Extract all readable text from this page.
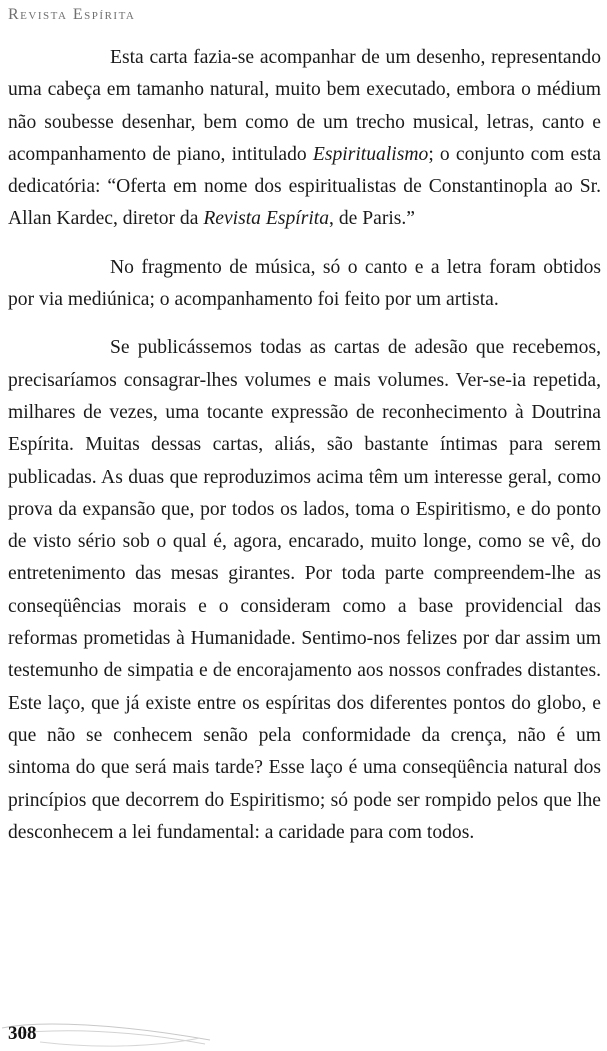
Revista Espírita

Esta carta fazia-se acompanhar de um desenho, representando uma cabeça em tamanho natural, muito bem executado, embora o médium não soubesse desenhar, bem como de um trecho musical, letras, canto e acompanhamento de piano, intitulado Espiritualismo; o conjunto com esta dedicatória: “Oferta em nome dos espiritualistas de Constantinopla ao Sr. Allan Kardec, diretor da Revista Espírita, de Paris.”

No fragmento de música, só o canto e a letra foram obtidos por via mediúnica; o acompanhamento foi feito por um artista.

Se publicássemos todas as cartas de adesão que recebemos, precisaríamos consagrar-lhes volumes e mais volumes. Ver-se-ia repetida, milhares de vezes, uma tocante expressão de reconhecimento à Doutrina Espírita. Muitas dessas cartas, aliás, são bastante íntimas para serem publicadas. As duas que reproduzimos acima têm um interesse geral, como prova da expansão que, por todos os lados, toma o Espiritismo, e do ponto de visto sério sob o qual é, agora, encarado, muito longe, como se vê, do entretenimento das mesas girantes. Por toda parte compreendem-lhe as conseqüências morais e o consideram como a base providencial das reformas prometidas à Humanidade. Sentimo-nos felizes por dar assim um testemunho de simpatia e de encorajamento aos nossos confrades distantes. Este laço, que já existe entre os espíritas dos diferentes pontos do globo, e que não se conhecem senão pela conformidade da crença, não é um sintoma do que será mais tarde? Esse laço é uma conseqüência natural dos princípios que decorrem do Espiritismo; só pode ser rompido pelos que lhe desconhecem a lei fundamental: a caridade para com todos.

308
